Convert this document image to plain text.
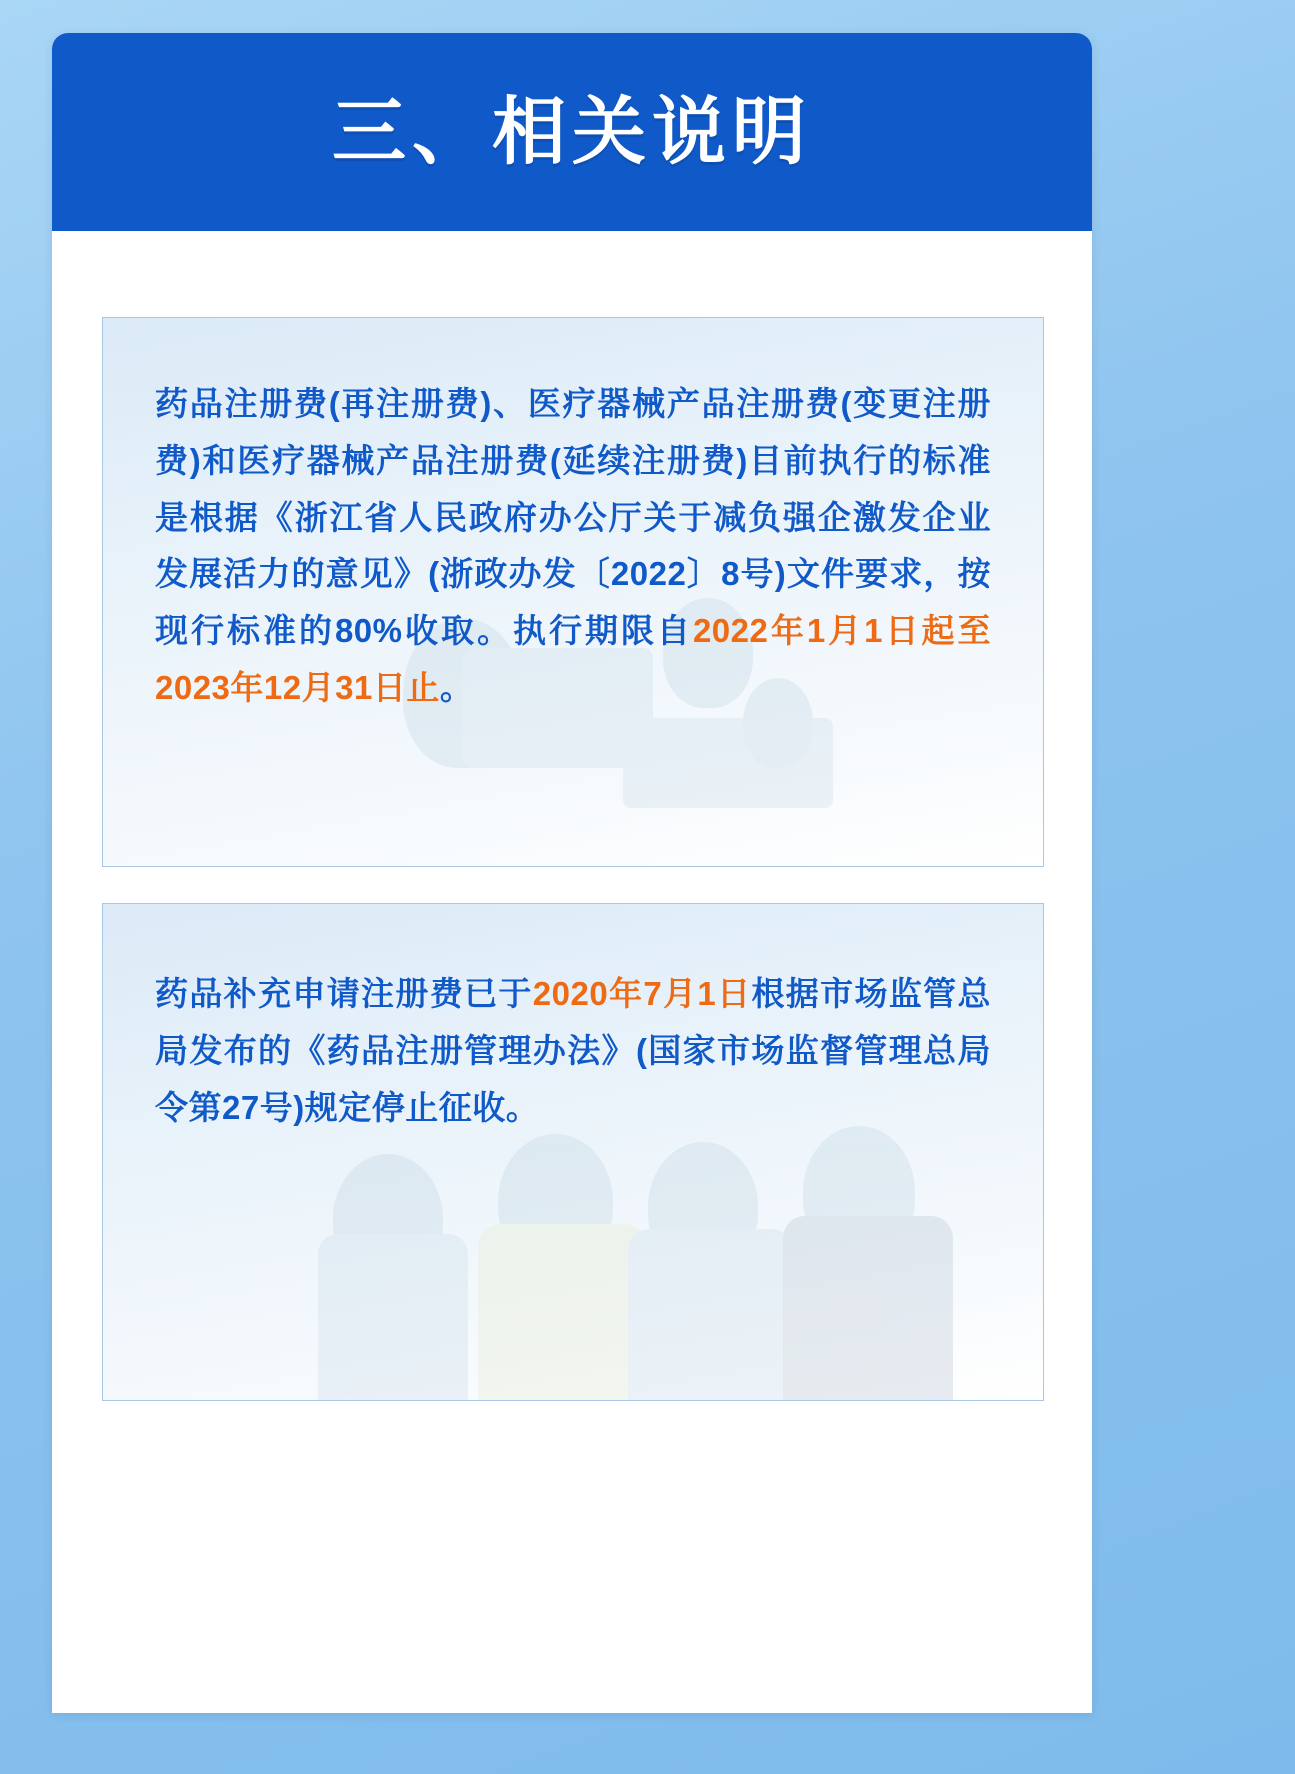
三、相关说明
药品注册费(再注册费)、医疗器械产品注册费(变更注册费)和医疗器械产品注册费(延续注册费)目前执行的标准是根据《浙江省人民政府办公厅关于减负强企激发企业发展活力的意见》(浙政办发〔2022〕8号)文件要求，按现行标准的80%收取。执行期限自2022年1月1日起至2023年12月31日止。
药品补充申请注册费已于2020年7月1日根据市场监管总局发布的《药品注册管理办法》(国家市场监督管理总局令第27号)规定停止征收。
